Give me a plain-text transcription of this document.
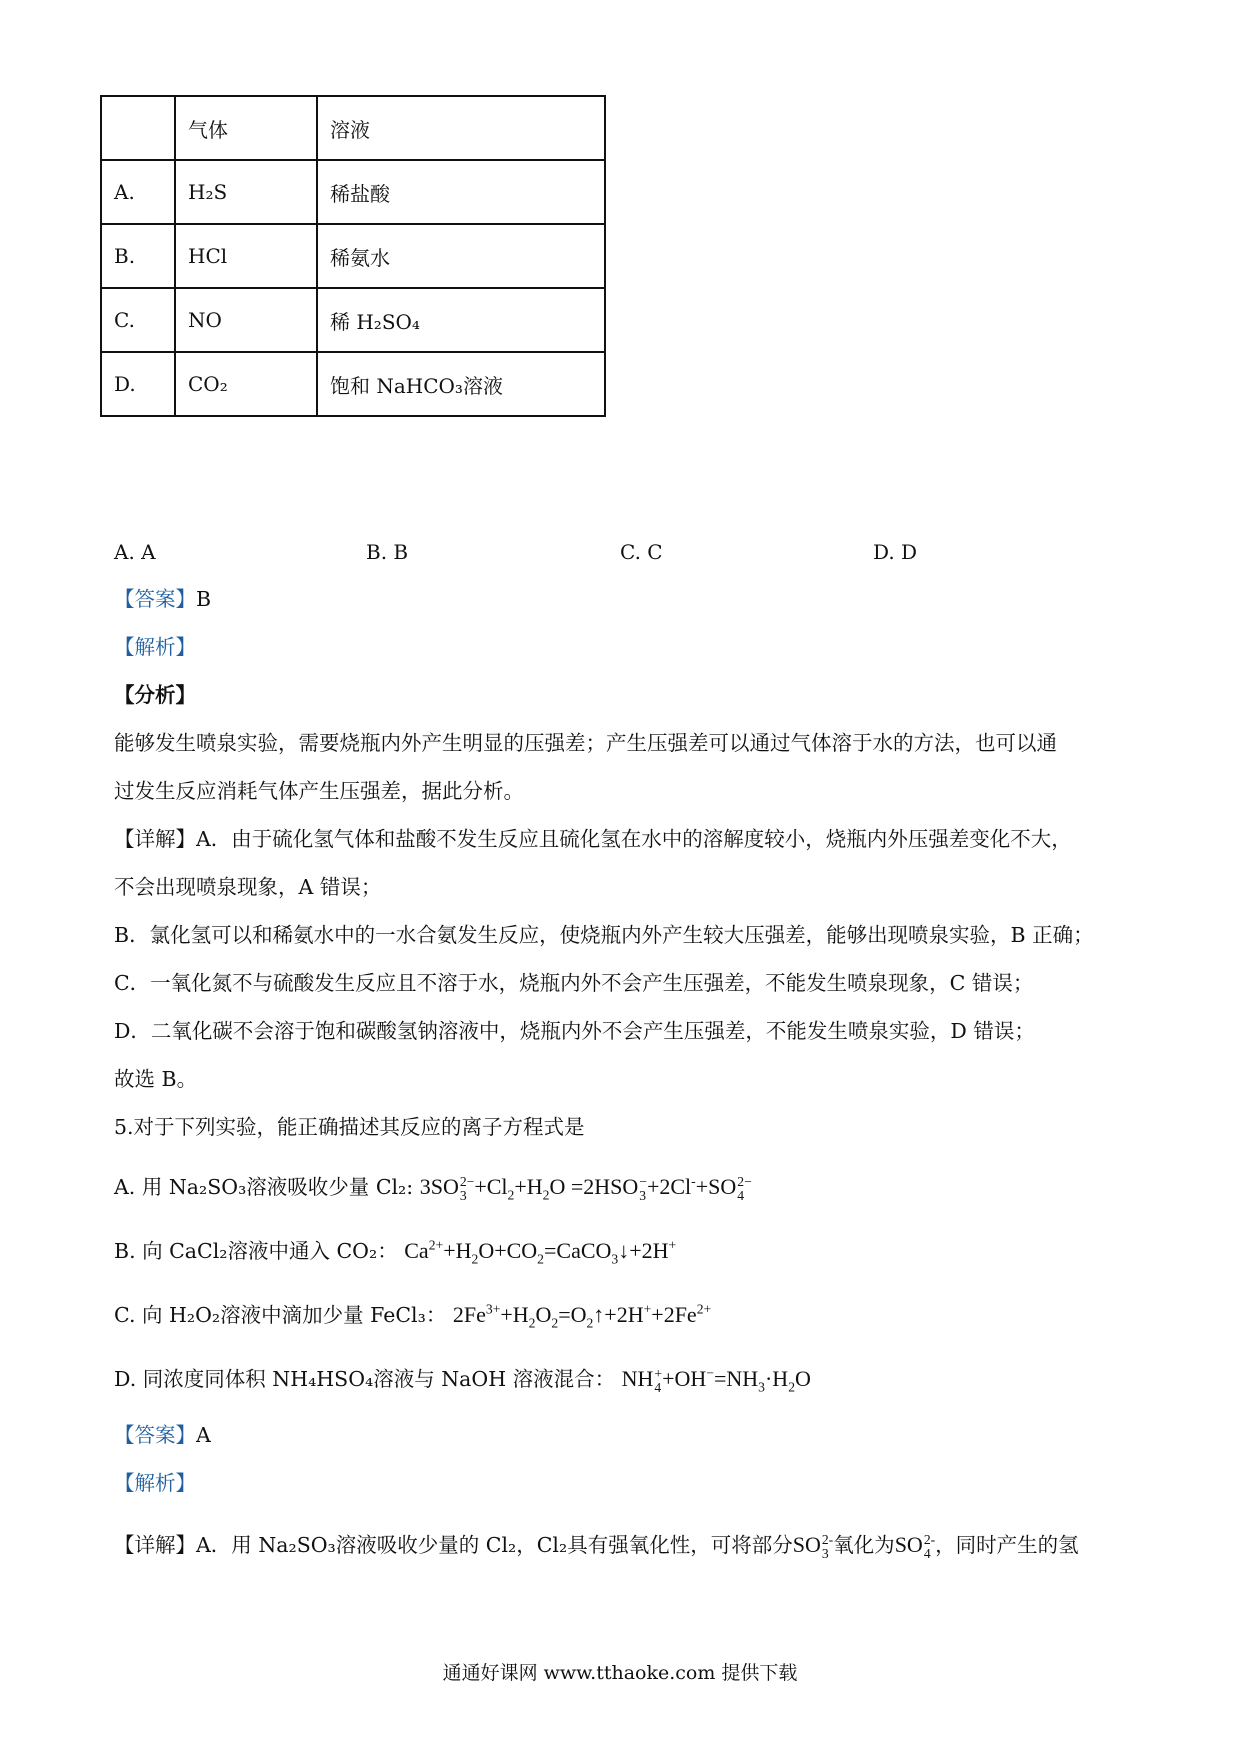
	气体	溶液
A.	H₂S	稀盐酸
B.	HCl	稀氨水
C.	NO	稀 H₂SO₄
D.	CO₂	饱和 NaHCO₃溶液
A. A	B. B	C. C	D. D
【答案】B
【解析】
【分析】
能够发生喷泉实验，需要烧瓶内外产生明显的压强差；产生压强差可以通过气体溶于水的方法，也可以通
过发生反应消耗气体产生压强差，据此分析。
【详解】A．由于硫化氢气体和盐酸不发生反应且硫化氢在水中的溶解度较小，烧瓶内外压强差变化不大，
不会出现喷泉现象，A 错误；
B．氯化氢可以和稀氨水中的一水合氨发生反应，使烧瓶内外产生较大压强差，能够出现喷泉实验，B 正确；
C．一氧化氮不与硫酸发生反应且不溶于水，烧瓶内外不会产生压强差，不能发生喷泉现象，C 错误；
D．二氧化碳不会溶于饱和碳酸氢钠溶液中，烧瓶内外不会产生压强差，不能发生喷泉实验，D 错误；
故选 B。
5.对于下列实验，能正确描述其反应的离子方程式是
A. 用 Na₂SO₃溶液吸收少量 Cl₂: 3SO 2−
$3 +Cl_2+H_2O =2HSO$ −
3 +2Cl-+SO 2−
4
B. 向 CaCl₂溶液中通入 CO₂： $Ca^{2+}+H_2O+CO_2=CaCO_3↓+2H^+$
C. 向 H₂O₂溶液中滴加少量 FeCl₃： $2Fe^{3+}+H_2O_2=O_2↑+2H^++2Fe^{2+}$
D. 同浓度同体积 NH₄HSO₄溶液与 NaOH 溶液混合： NH +
$4 +OH^-=NH_3\cdot H_2O$
【答案】A
【解析】
【详解】A．用 Na₂SO₃溶液吸收少量的 Cl₂，Cl₂具有强氧化性，可将部分SO 2-
3 氧化为SO 2-
4 ，同时产生的氢
通通好课网 www.tthaoke.com 提供下载
